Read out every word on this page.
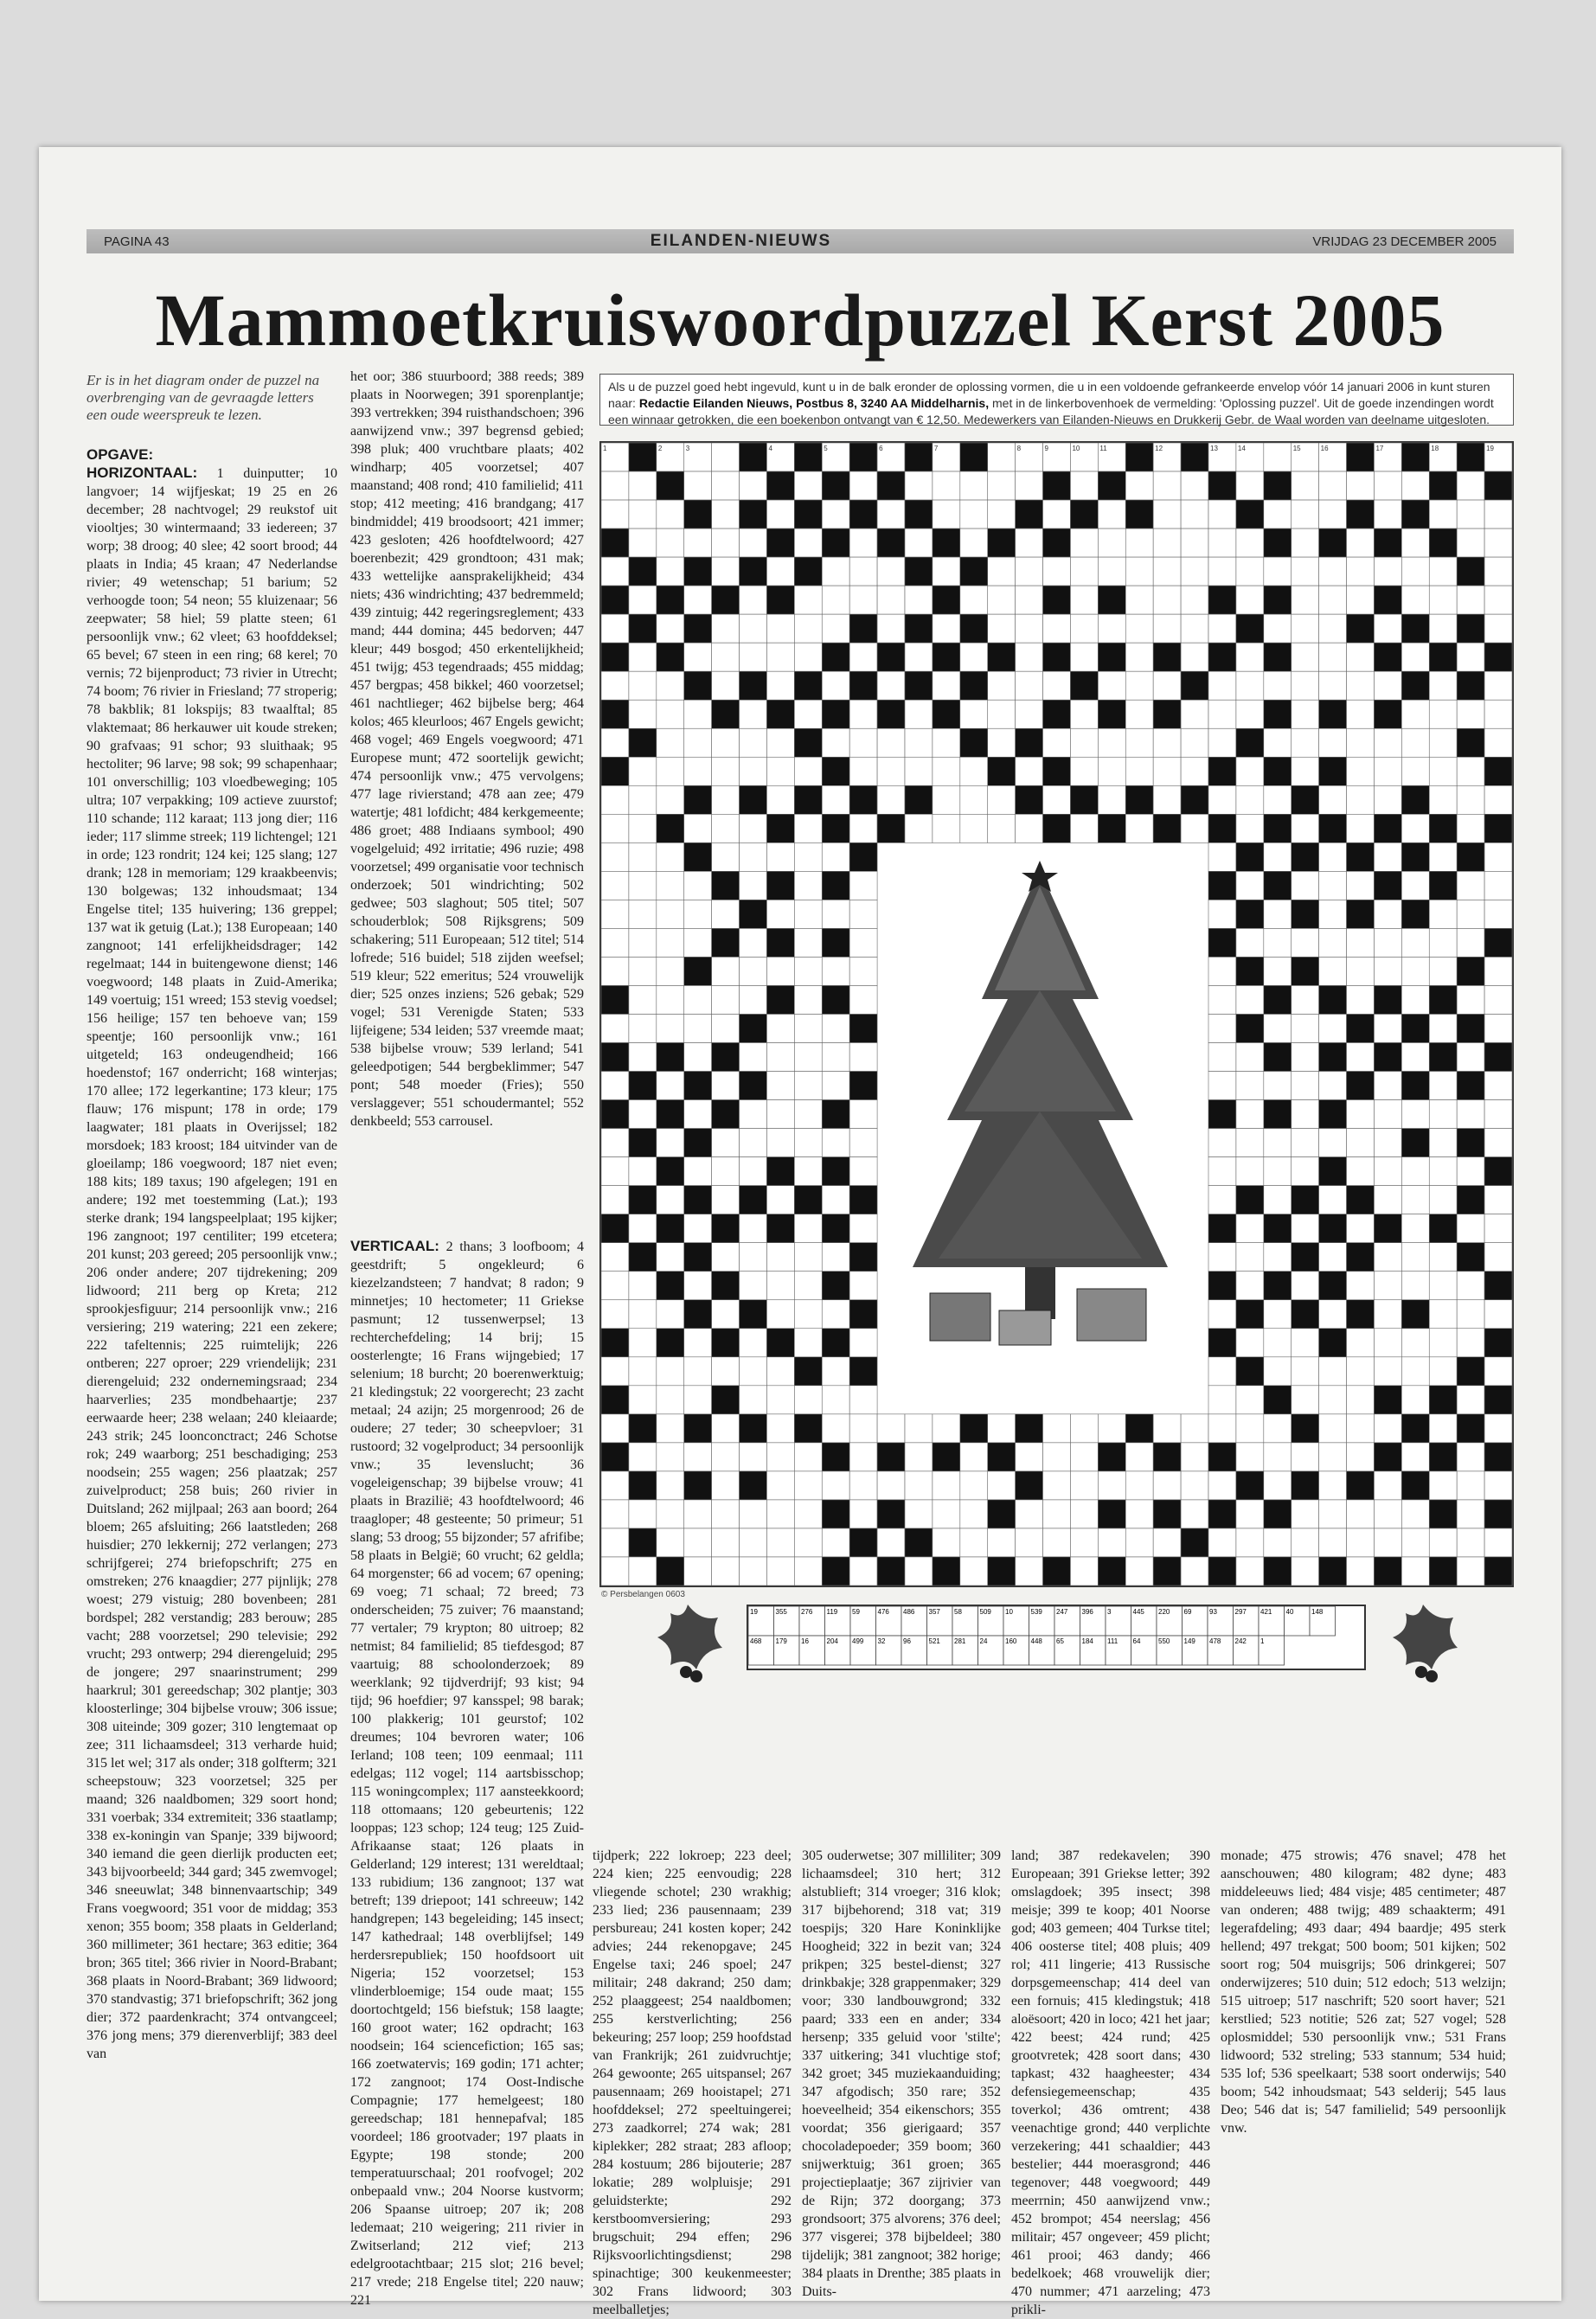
PAGINA 43	EILANDEN-NIEUWS	VRIJDAG 23 DECEMBER 2005
Mammoetkruiswoordpuzzel Kerst 2005
Er is in het diagram onder de puzzel na overbrenging van de gevraagde letters een oude weerspreuk te lezen.
OPGAVE:
HORIZONTAAL: 1 duinputter; 10 langvoer; 14 wijfjeskat; 19 25 en 26 december; 28 nachtvogel; 29 reukstof uit viooltjes; 30 wintermaand; 33 iedereen; 37 worp; 38 droog; 40 slee; 42 soort brood; 44 plaats in India; 45 kraan; 47 Nederlandse rivier; 49 wetenschap; 51 barium; 52 verhoogde toon; 54 neon; 55 kluizenaar; 56 zeepwater; 58 hiel; 59 platte steen; 61 persoonlijk vnw.; 62 vleet; 63 hoofddeksel; 65 bevel; 67 steen in een ring; 68 kerel; 70 vernis; 72 bijenproduct; 73 rivier in Utrecht; 74 boom; 76 rivier in Friesland; 77 stroperig; 78 bakblik; 81 lokspijs; 83 twaalftal; 85 vlaktemaat; 86 herkauwer uit koude streken; 90 grafvaas; 91 schor; 93 sluithaak; 95 hectoliter; 96 larve; 98 sok; 99 schapenhaar; 101 onverschillig; 103 vloedbeweging; 105 ultra; 107 verpakking; 109 actieve zuurstof; 110 schande; 112 karaat; 113 jong dier; 116 ieder; 117 slimme streek; 119 lichtengel; 121 in orde; 123 rondrit; 124 kei; 125 slang; 127 drank; 128 in memoriam; 129 kraakbeenvis; 130 bolgewas; 132 inhoudsmaat; 134 Engelse titel; 135 huivering; 136 greppel; 137 wat ik getuig (Lat.); 138 Europeaan; 140 zangnoot; 141 erfelijkheidsdrager; 142 regelmaat; 144 in buitengewone dienst; 146 voegwoord; 148 plaats in Zuid-Amerika; 149 voertuig; 151 wreed; 153 stevig voedsel; 156 heilige; 157 ten behoeve van; 159 speentje; 160 persoonlijk vnw.; 161 uitgeteld; 163 ondeugendheid; 166 hoedenstof; 167 onderricht; 168 winterjas; 170 allee; 172 legerkantine; 173 kleur; 175 flauw; 176 mispunt; 178 in orde; 179 laagwater; 181 plaats in Overijssel; 182 morsdoek; 183 kroost; 184 uitvinder van de gloeilamp; 186 voegwoord; 187 niet even; 188 kits; 189 taxus; 190 afgelegen; 191 en andere; 192 met toestemming (Lat.); 193 sterke drank; 194 langspeelplaat; 195 kijker; 196 zangnoot; 197 centiliter; 199 etcetera; 201 kunst; 203 gereed; 205 persoonlijk vnw.; 206 onder andere; 207 tijdrekening; 209 lidwoord; 211 berg op Kreta; 212 sprookjesfiguur; 214 persoonlijk vnw.; 216 versiering; 219 watering; 221 een zekere; 222 tafeltennis; 225 ruimtelijk; 226 ontberen; 227 oproer; 229 vriendelijk; 231 dierengeluid; 232 ondernemingsraad; 234 haarverlies; 235 mondbehaartje; 237 eerwaarde heer; 238 welaan; 240 kleiaarde; 243 strik; 245 loonconctract; 246 Schotse rok; 249 waarborg; 251 beschadiging; 253 noodsein; 255 wagen; 256 plaatzak; 257 zuivelproduct; 258 buis; 260 rivier in Duitsland; 262 mijlpaal; 263 aan boord; 264 bloem; 265 afsluiting; 266 laatstleden; 268 huisdier; 270 lekkernij; 272 verlangen; 273 schrijfgerei; 274 briefopschrift; 275 en omstreken; 276 knaagdier; 277 pijnlijk; 278 woest; 279 vistuig; 280 bovenbeen; 281 bordspel; 282 verstandig; 283 berouw; 285 vacht; 288 voorzetsel; 290 televisie; 292 vrucht; 293 ontwerp; 294 dierengeluid; 295 de jongere; 297 snaarinstrument; 299 haarkrul; 301 gereedschap; 302 plantje; 303 kloosterlinge; 304 bijbelse vrouw; 306 issue; 308 uiteinde; 309 gozer; 310 lengtemaat op zee; 311 lichaamsdeel; 313 verharde huid; 315 let wel; 317 als onder; 318 golfterm; 321 scheepstouw; 323 voorzetsel; 325 per maand; 326 naaldbomen; 329 soort hond; 331 voerbak; 334 extremiteit; 336 staatlamp; 338 ex-koningin van Spanje; 339 bijwoord; 340 iemand die geen dierlijk producten eet; 343 bijvoorbeeld; 344 gard; 345 zwemvogel; 346 sneeuwlat; 348 binnenvaartschip; 349 Frans voegwoord; 351 voor de middag; 353 xenon; 355 boom; 358 plaats in Gelderland; 360 millimeter; 361 hectare; 363 editie; 364 bron; 365 titel; 366 rivier in Noord-Brabant; 368 plaats in Noord-Brabant; 369 lidwoord; 370 standvastig; 371 briefopschrift; 362 jong dier; 372 paardenkracht; 374 ontvangceel; 376 jong mens; 379 dierenverblijf; 383 deel van
het oor; 386 stuurboord; 388 reeds; 389 plaats in Noorwegen; 391 sporenplantje; 393 vertrekken; 394 ruisthandschoen; 396 aanwijzend vnw.; 397 begrensd gebied; 398 pluk; 400 vruchtbare plaats; 402 windharp; 405 voorzetsel; 407 maanstand; 408 rond; 410 familielid; 411 stop; 412 meeting; 416 brandgang; 417 bindmiddel; 419 broodsoort; 421 immer; 423 gesloten; 426 hoofdtelwoord; 427 boerenbezit; 429 grondtoon; 431 mak; 433 wettelijke aansprakelijkheid; 434 niets; 436 windrichting; 437 bedremmeld; 439 zintuig; 442 regeringsreglement; 433 mand; 444 domina; 445 bedorven; 447 kleur; 449 bosgod; 450 erkentelijkheid; 451 twijg; 453 tegendraads; 455 middag; 457 bergpas; 458 bikkel; 460 voorzetsel; 461 nachtlieger; 462 bijbelse berg; 464 kolos; 465 kleurloos; 467 Engels gewicht; 468 vogel; 469 Engels voegwoord; 471 Europese munt; 472 soortelijk gewicht; 474 persoonlijk vnw.; 475 vervolgens; 477 lage rivierstand; 478 aan zee; 479 watertje; 481 lofdicht; 484 kerkgemeente; 486 groet; 488 Indiaans symbool; 490 vogelgeluid; 492 irritatie; 496 ruzie; 498 voorzetsel; 499 organisatie voor technisch onderzoek; 501 windrichting; 502 gedwee; 503 slaghout; 505 titel; 507 schouderblok; 508 Rijksgrens; 509 schakering; 511 Europeaan; 512 titel; 514 lofrede; 516 buidel; 518 zijden weefsel; 519 kleur; 522 emeritus; 524 vrouwelijk dier; 525 onzes inziens; 526 gebak; 529 vogel; 531 Verenigde Staten; 533 lijfeigene; 534 leiden; 537 vreemde maat; 538 bijbelse vrouw; 539 lerland; 541 geleedpotigen; 544 bergbeklimmer; 547 pont; 548 moeder (Fries); 550 verslaggever; 551 schoudermantel; 552 denkbeeld; 553 carrousel.
VERTICAAL: 2 thans; 3 loofboom; 4 geestdrift; 5 ongekleurd; 6 kiezelzandsteen; 7 handvat; 8 radon; 9 minnetjes; 10 hectometer; 11 Griekse pasmunt; 12 tussenwerpsel; 13 rechterchefdeling; 14 brij; 15 oosterlengte; 16 Frans wijngebied; 17 selenium; 18 burcht; 20 boerenwerktuig; 21 kledingstuk; 22 voorgerecht; 23 zacht metaal; 24 azijn; 25 morgenrood; 26 de oudere; 27 teder; 30 scheepvloer; 31 rustoord; 32 vogelproduct; 34 persoonlijk vnw.; 35 levenslucht; 36 vogeleigenschap; 39 bijbelse vrouw; 41 plaats in Brazilië; 43 hoofdtelwoord; 46 traagloper; 48 gesteente; 50 primeur; 51 slang; 53 droog; 55 bijzonder; 57 afrifibe; 58 plaats in België; 60 vrucht; 62 geldla; 64 morgenster; 66 ad vocem; 67 opening; 69 voeg; 71 schaal; 72 breed; 73 onderscheiden; 75 zuiver; 76 maanstand; 77 vertaler; 79 krypton; 80 uitroep; 82 netmist; 84 familielid; 85 tiefdesgod; 87 vaartuig; 88 schoolonderzoek; 89 weerklank; 92 tijdverdrijf; 93 kist; 94 tijd; 96 hoefdier; 97 kansspel; 98 barak; 100 plakkerig; 101 geurstof; 102 dreumes; 104 bevroren water; 106 Ierland; 108 teen; 109 eenmaal; 111 edelgas; 112 vogel; 114 aartsbisschop; 115 woningcomplex; 117 aansteekkoord; 118 ottomaans; 120 gebeurtenis; 122 looppas; 123 schop; 124 teug; 125 Zuid-Afrikaanse staat; 126 plaats in Gelderland; 129 interest; 131 wereldtaal; 133 rubidium; 136 zangnoot; 137 wat betreft; 139 driepoot; 141 schreeuw; 142 handgrepen; 143 begeleiding; 145 insect; 147 kathedraal; 148 overblijfsel; 149 herdersrepubliek; 150 hoofdsoort uit Nigeria; 152 voorzetsel; 153 vlinderbloemige; 154 oude maat; 155 doortochtgeld; 156 biefstuk; 158 laagte; 160 groot water; 162 opdracht; 163 noodsein; 164 sciencefiction; 165 sas; 166 zoetwatervis; 169 godin; 171 achter; 172 zangnoot; 174 Oost-Indische Compagnie; 177 hemelgeest; 180 gereedschap; 181 hennepafval; 185 voordeel; 186 grootvader; 197 plaats in Egypte; 198 stonde; 200 temperatuurschaal; 201 roofvogel; 202 onbepaald vnw.; 204 Noorse kustvorm; 206 Spaanse uitroep; 207 ik; 208 ledemaat; 210 weigering; 211 rivier in Zwitserland; 212 vief; 213 edelgrootachtbaar; 215 slot; 216 bevel; 217 vrede; 218 Engelse titel; 220 nauw; 221
tijdperk; 222 lokroep; 223 deel; 224 kien; 225 eenvoudig; 228 vliegende schotel; 230 wrakhig; 233 lied; 236 pausennaam; 239 persbureau; 241 kosten koper; 242 advies; 244 rekenopgave; 245 Engelse taxi; 246 spoel; 247 militair; 248 dakrand; 250 dam; 252 plaaggeest; 254 naaldbomen; 255 kerstverlichting; 256 bekeuring; 257 loop; 259 hoofdstad van Frankrijk; 261 zuidvruchtje; 264 gewoonte; 265 uitspansel; 267 pausennaam; 269 hooistapel; 271 hoofddeksel; 272 speeltuingerei; 273 zaadkorrel; 274 wak; 281 kiplekker; 282 straat; 283 afloop; 284 kostuum; 286 bijouterie; 287 lokatie; 289 wolpluisje; 291 geluidsterkte; 292 kerstboomversiering; 293 brugschuit; 294 effen; 296 Rijksvoorlichtingsdienst; 298 spinachtige; 300 keukenmeester; 302 Frans lidwoord; 303 meelballetjes;
305 ouderwetse; 307 milliliter; 309 lichaamsdeel; 310 hert; 312 alstublieft; 314 vroeger; 316 klok; 317 bijbehorend; 318 vat; 319 toespijs; 320 Hare Koninklijke Hoogheid; 322 in bezit van; 324 prikpen; 325 bestel-dienst; 327 drinkbakje; 328 grappenmaker; 329 voor; 330 landbouwgrond; 332 paard; 333 een en ander; 334 hersenp; 335 geluid voor 'stilte'; 337 uitkering; 341 vluchtige stof; 342 groet; 345 muziekaanduiding; 347 afgodisch; 350 rare; 352 hoeveelheid; 354 eikenschors; 355 voordat; 356 gierigaard; 357 chocoladepoeder; 359 boom; 360 snijwerktuig; 361 groen; 365 projectieplaatje; 367 zijrivier van de Rijn; 372 doorgang; 373 grondsoort; 375 alvorens; 376 deel; 377 visgerei; 378 bijbeldeel; 380 tijdelijk; 381 zangnoot; 382 horige; 384 plaats in Drenthe; 385 plaats in Duits-
land; 387 redekavelen; 390 Europeaan; 391 Griekse letter; 392 omslagdoek; 395 insect; 398 meisje; 399 te koop; 401 Noorse god; 403 gemeen; 404 Turkse titel; 406 oosterse titel; 408 pluis; 409 rol; 411 lingerie; 413 Russische dorpsgemeenschap; 414 deel van een fornuis; 415 kledingstuk; 418 aloësoort; 420 in loco; 421 het jaar; 422 beest; 424 rund; 425 grootvretek; 428 soort dans; 430 tapkast; 432 haagheester; 434 defensiegemeenschap; 435 toverkol; 436 omtrent; 438 veenachtige grond; 440 verplichte verzekering; 441 schaaldier; 443 bestelier; 444 moerasgrond; 446 tegenover; 448 voegwoord; 449 meerrnin; 450 aanwijzend vnw.; 452 brompot; 454 neerslag; 456 militair; 457 ongeveer; 459 plicht; 461 prooi; 463 dandy; 466 bedelkoek; 468 vrouwelijk dier; 470 nummer; 471 aarzeling; 473 prikli-
monade; 475 strowis; 476 snavel; 478 het aanschouwen; 480 kilogram; 482 dyne; 483 middeleeuws lied; 484 visje; 485 centimeter; 487 van onderen; 488 twijg; 489 schaakterm; 491 legerafdeling; 493 daar; 494 baardje; 495 sterk hellend; 497 trekgat; 500 boom; 501 kijken; 502 soort rog; 504 muisgrijs; 506 drinkgerei; 507 onderwijzeres; 510 duin; 512 edoch; 513 welzijn; 515 uitroep; 517 naschrift; 520 soort haver; 521 kerstlied; 523 notitie; 526 zat; 527 vogel; 528 oplosmiddel; 530 persoonlijk vnw.; 531 Frans lidwoord; 532 streling; 533 stannum; 534 huid; 535 lof; 536 speelkaart; 538 soort onderwijs; 540 boom; 542 inhoudsmaat; 543 selderij; 545 laus Deo; 546 dat is; 547 familielid; 549 persoonlijk vnw.
Als u de puzzel goed hebt ingevuld, kunt u in de balk eronder de oplossing vormen, die u in een voldoende gefrankeerde envelop vóór 14 januari 2006 in kunt sturen naar: Redactie Eilanden Nieuws, Postbus 8, 3240 AA Middelharnis, met in de linkerbovenhoek de vermelding: 'Oplossing puzzel'. Uit de goede inzendingen wordt een winnaar getrokken, die een boekenbon ontvangt van € 12,50. Medewerkers van Eilanden-Nieuws en Drukkerij Gebr. de Waal worden van deelname uitgesloten.
1	2	3	4	5	6	7	8	9	10	11	12	13	14	15	16	17	18	19
© Persbelangen 0603
19	355 276 119 59	476 486 357 58	509 10	539 247 396 3	445 220 69	93	297 421 40	148
468 179 16	204 499 32	96	521 281 24	160 448 65	184 111 64	550 149 478 242 1
